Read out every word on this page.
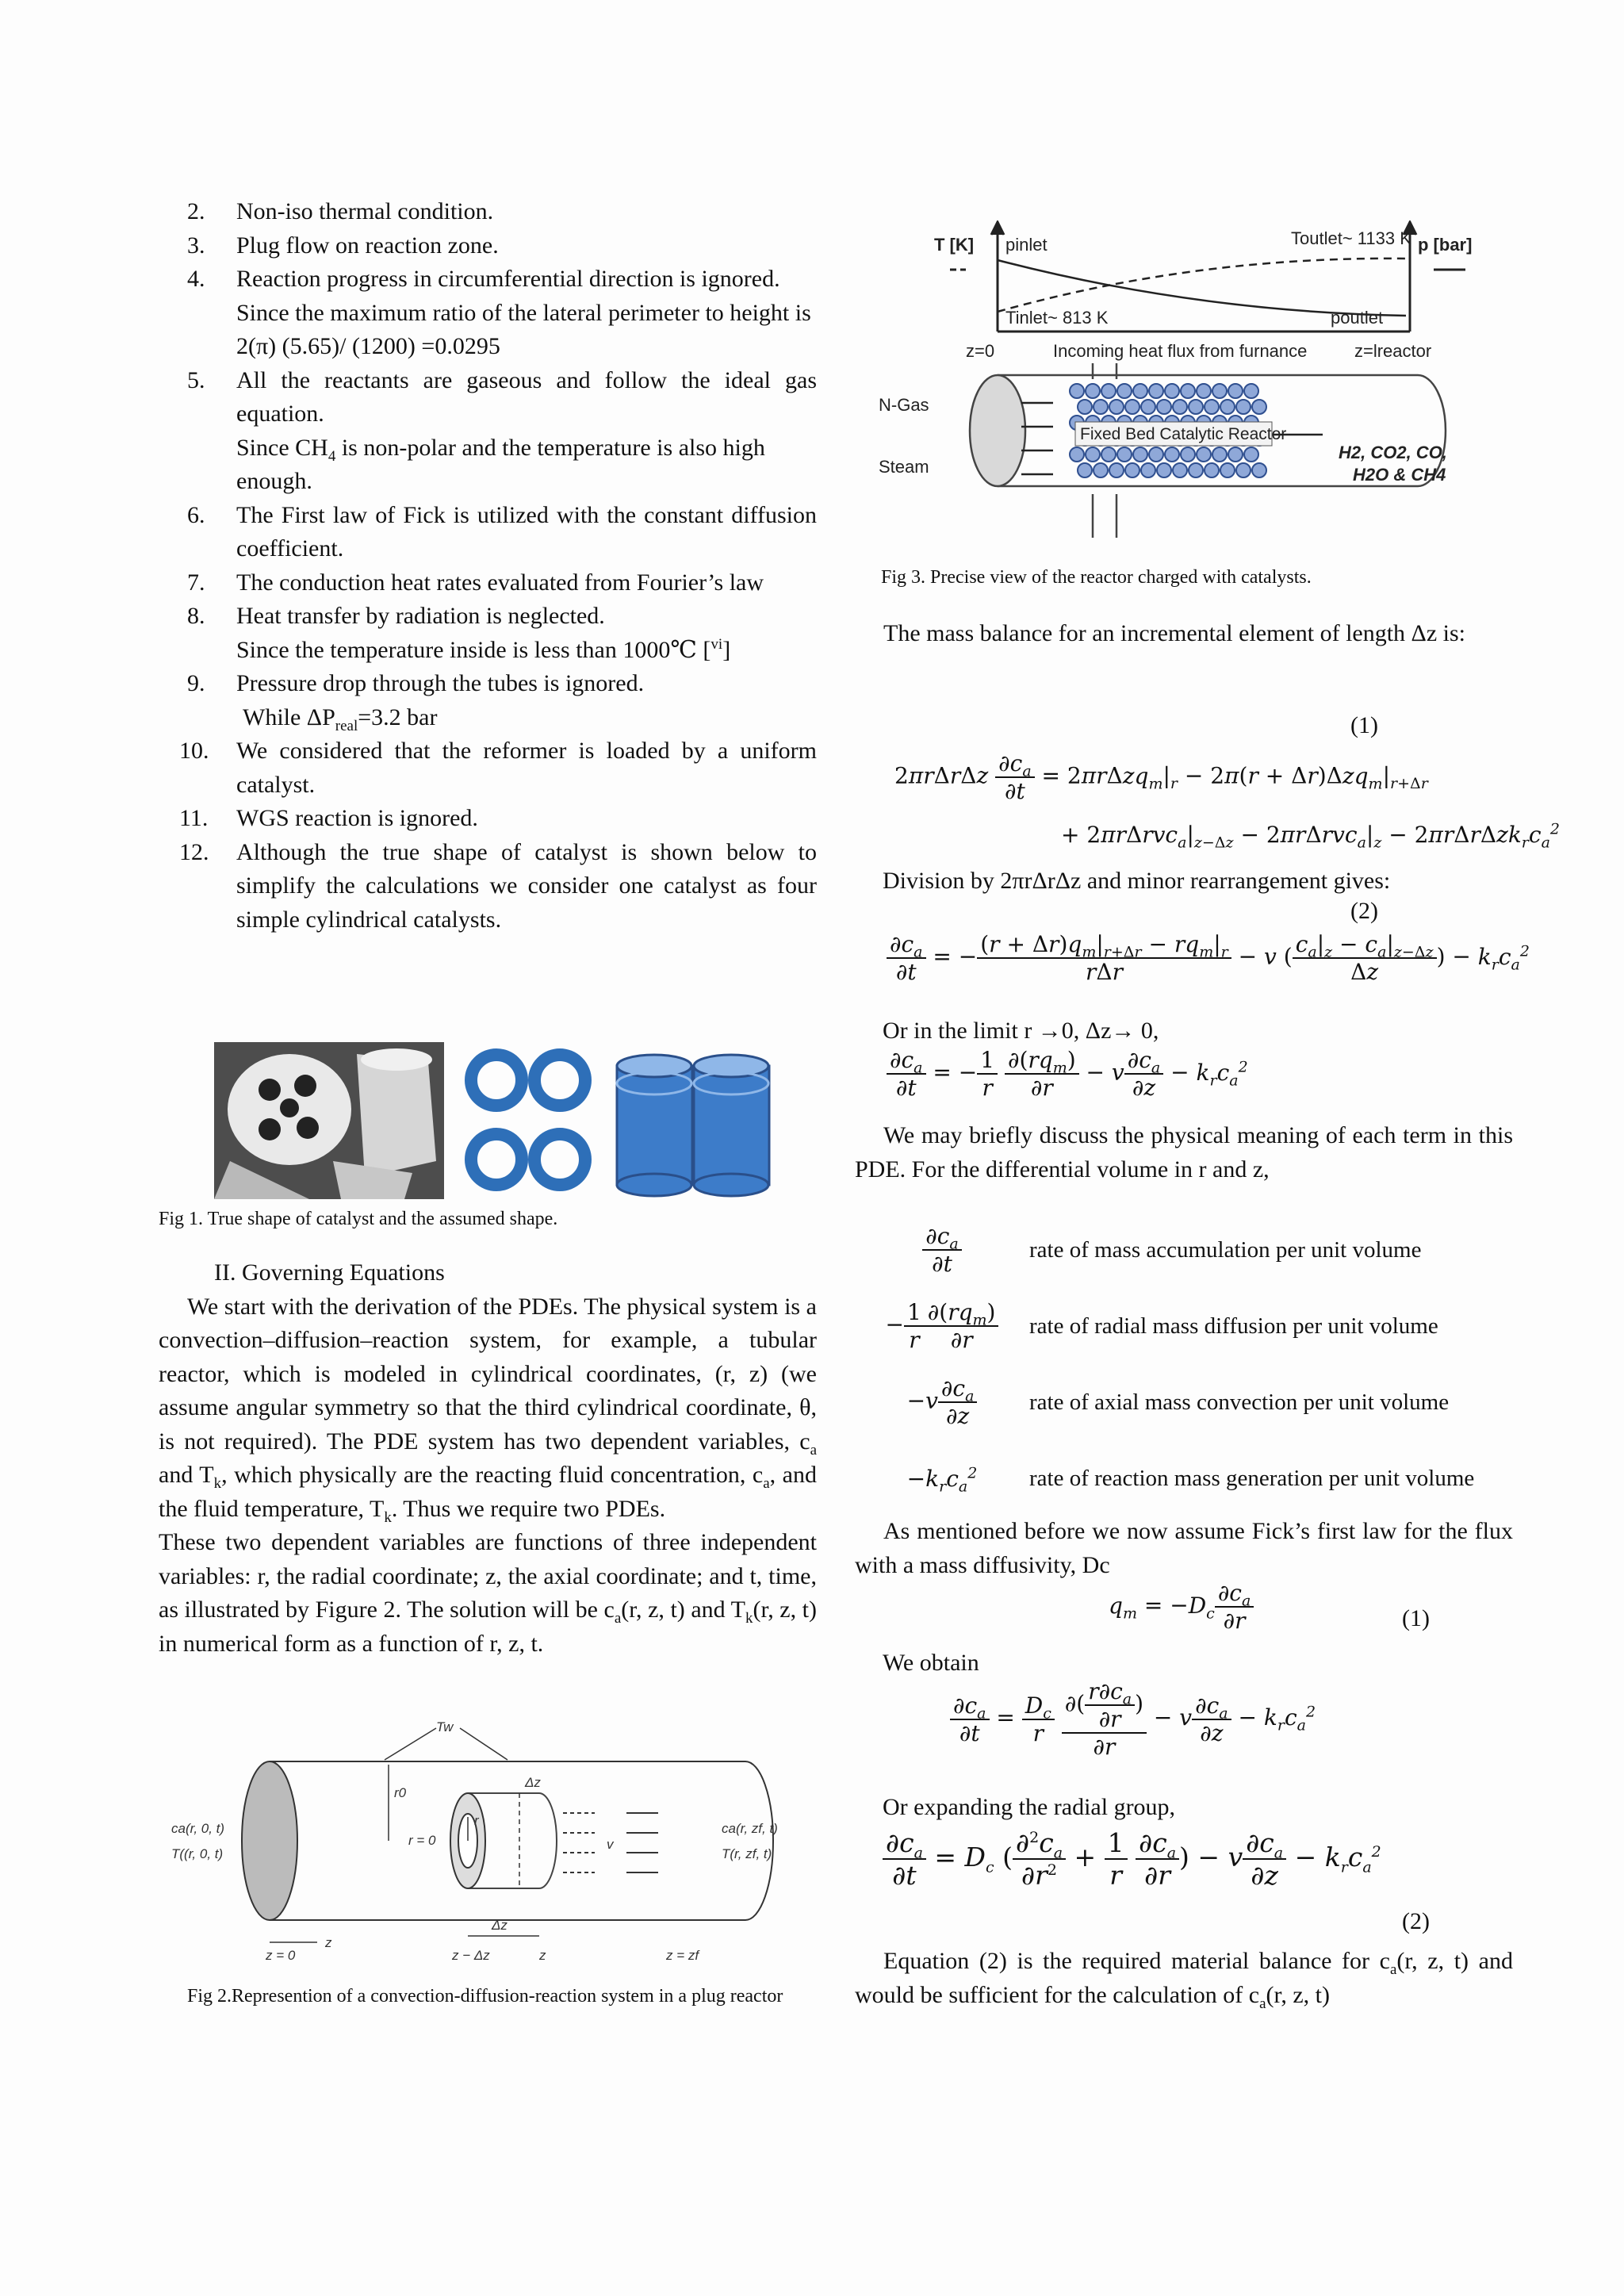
2. Non-iso thermal condition.
3. Plug flow on reaction zone.
4. Reaction progress in circumferential direction is ignored.
Since the maximum ratio of the lateral perimeter to height is 2(π) (5.65)/ (1200) =0.0295
5. All the reactants are gaseous and follow the ideal gas equation.
Since $CH_4$ is non-polar and the temperature is also high enough.
6. The First law of Fick is utilized with the constant diffusion coefficient.
7. The conduction heat rates evaluated from Fourier’s law
8. Heat transfer by radiation is neglected.
Since the temperature inside is less than 1000℃ [$^{vi}$]
9. Pressure drop through the tubes is ignored.
While $\Delta P_{real}=3.2$ bar
10. We considered that the reformer is loaded by a uniform catalyst.
11. WGS reaction is ignored.
12. Although the true shape of catalyst is shown below to simplify the calculations we consider one catalyst as four simple cylindrical catalysts.

Fig 1. True shape of catalyst and the assumed shape.

II. Governing Equations

We start with the derivation of the PDEs. The physical system is a convection–diffusion–reaction system, for example, a tubular reactor, which is modeled in cylindrical coordinates, (r, z) (we assume angular symmetry so that the third cylindrical coordinate, θ, is not required). The PDE system has two dependent variables, $c_a$ and $T_k$, which physically are the reacting fluid concentration, $c_a$, and the fluid temperature, $T_k$. Thus we require two PDEs.

These two dependent variables are functions of three independent variables: r, the radial coordinate; z, the axial coordinate; and t, time, as illustrated by Figure 2. The solution will be $c_a(r$, z, t) and $T_k(r$, z, t) in numerical form as a function of r, z, t.

Tw
r0
r = 0
Δz
r
v
ca(r, 0, t)
T((r, 0, t)
ca(r, zf, t)
T(r, zf, t)
z
Δz
z = 0	z − Δz	z	z = zf

Fig 2.Represention of a convection-diffusion-reaction system in a plug reactor

T [K] pinlet	Toutlet~ 1133 K p [bar]
Tinlet~ 813 K	poutlet
z=0	Incoming heat flux from furnance	z=lreactor
N-Gas
Steam
Fixed Bed Catalytic Reactor
H2, CO2, CO,
H2O & CH4

Fig 3. Precise view of the reactor charged with catalysts.

The mass balance for an incremental element of length Δz is:

(1)
$2\pi r\Delta r\Delta z \frac{\partial c_a}{\partial t} = 2\pi r\Delta zq_m|_r - 2\pi(r + \Delta r)\Delta zq_m|_{r+\Delta r}$
+ $2\pi r\Delta rvc_a|_{z-\Delta z} - 2\pi r\Delta rvc_a|_z - 2\pi r\Delta r\Delta zk_rc_a^2$

Division by 2πrΔrΔz and minor rearrangement gives:

(2)
$\frac{\partial c_a}{\partial t}$ = − $\frac{(r + \Delta r)q_m|_{r+\Delta r} - rq_m|_r}{\text{rΔr}} - v$ ( $\frac{c_a|_z - c_a|_{z-\Delta z}}{\Delta z}$ ) − $k_rc_a^2$

Or in the limit r →0, Δz→ 0,

$\frac{\partial c_a}{\partial t}$ = − $\frac{1}{r}$
$\frac{\partial(rq_m)}{\partial r} - v \frac{\partial c_a}{\partial z} - k_rc_a^2$

We may briefly discuss the physical meaning of each term in this PDE. For the differential volume in r and z,

$\frac{\partial c_a}{\partial t}$	rate of mass accumulation per unit volume
− $\frac{1}{r} \frac{\partial(rq_m)}{\partial r}$ rate of radial mass diffusion per unit volume
$-v \frac{\partial c_a}{\partial z}$ rate of axial mass convection per unit volume
$-k_rc_a^2$	rate of reaction mass generation per unit volume

As mentioned before we now assume Fick’s first law for the flux with a mass diffusivity, Dc

$q_m = -D_c \frac{\partial c_a}{\partial r}$	(1)

We obtain

$\frac{\partial c_a}{\partial t} = \frac{D_c}{r}$
$\frac{\partial( \frac{r\partial c_a}{\partial r} )}{\partial r} - v \frac{\partial c_a}{\partial z} - k_rc_a^2$

Or expanding the radial group,

$\frac{\partial c_a}{\partial t} = D_c$ ( $\frac{\partial^2c_a}{\partial r^2} + \frac{1}{r}$
$\frac{\partial c_a}{\partial r}$ ) − v $\frac{\partial c_a}{\partial z} - k_rc_a^2$
(2)

Equation (2) is the required material balance for $c_a(r$, z, t) and would be sufficient for the calculation of $c_a(r$, z, t)
